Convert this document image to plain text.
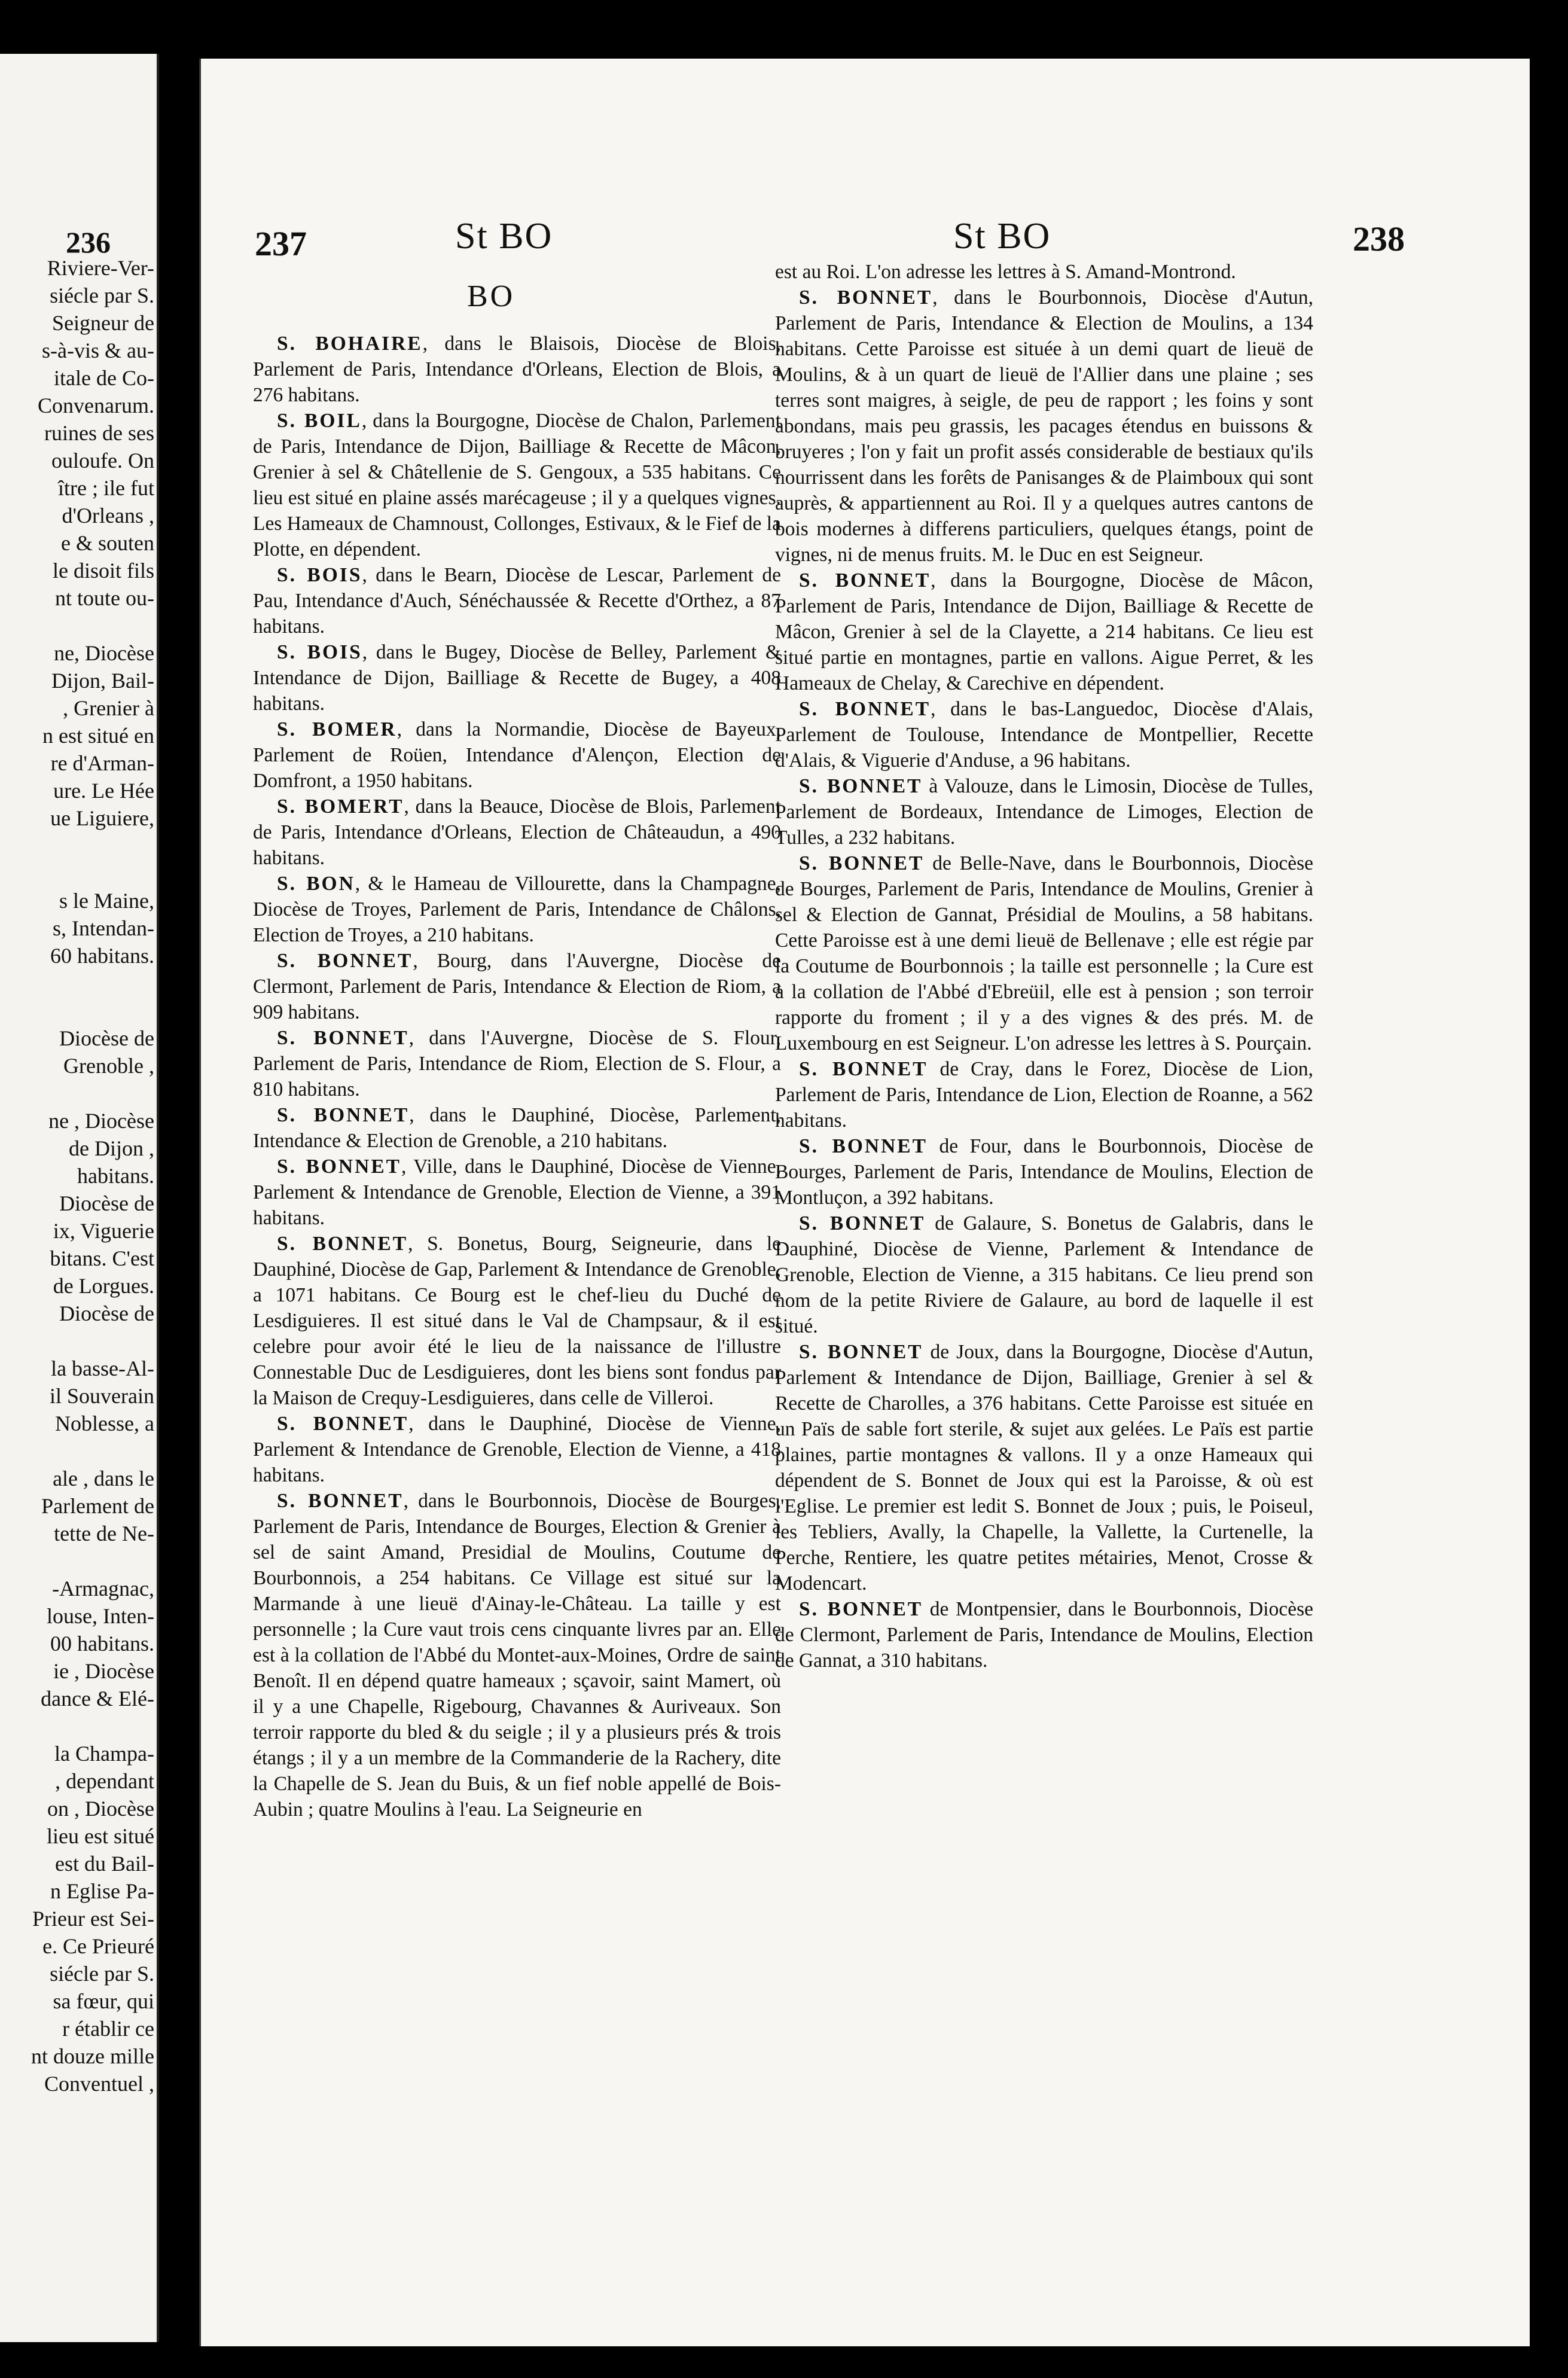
236
Riviere-Ver-
siécle par S.
Seigneur de
s-à-vis & au-
itale de Co-
Convenarum.
ruines de ses
ouloufe. On
ître ; ile fut
d'Orleans ,
e & souten
le disoit fils
nt toute ou-
ne, Diocèse
Dijon, Bail-
, Grenier à
n est situé en
re d'Arman-
ure. Le Hée
ue Liguiere,
s le Maine,
s, Intendan-
60 habitans.
Diocèse de
Grenoble ,
ne , Diocèse
de Dijon ,
habitans.
Diocèse de
ix, Viguerie
bitans. C'est
de Lorgues.
Diocèse de
la basse-Al-
il Souverain
Noblesse, a
ale , dans le
Parlement de
tette de Ne-
-Armagnac,
louse, Inten-
00 habitans.
ie , Diocèse
dance & Elé-
la Champa-
, dependant
on , Diocèse
lieu est situé
est du Bail-
n Eglise Pa-
Prieur est Sei-
e. Ce Prieuré
siécle par S.
sa fœur, qui
r établir ce
nt douze mille
Conventuel ,
237	St BO	St BO	238
BO

S. BOHAIRE, dans le Blaisois, Diocèse de Blois, Parlement de Paris, Intendance d'Orleans, Election de Blois, a 276 habitans.

S. BOIL, dans la Bourgogne, Diocèse de Chalon, Parlement de Paris, Intendance de Dijon, Bailliage & Recette de Mâcon, Grenier à sel & Châtellenie de S. Gengoux, a 535 habitans. Ce lieu est situé en plaine assés marécageuse ; il y a quelques vignes. Les Hameaux de Chamnoust, Collonges, Estivaux, & le Fief de la Plotte, en dépendent.

S. BOIS, dans le Bearn, Diocèse de Lescar, Parlement de Pau, Intendance d'Auch, Sénéchaussée & Recette d'Orthez, a 87 habitans.

S. BOIS, dans le Bugey, Diocèse de Belley, Parlement & Intendance de Dijon, Bailliage & Recette de Bugey, a 408 habitans.

S. BOMER, dans la Normandie, Diocèse de Bayeux, Parlement de Roüen, Intendance d'Alençon, Election de Domfront, a 1950 habitans.

S. BOMERT, dans la Beauce, Diocèse de Blois, Parlement de Paris, Intendance d'Orleans, Election de Châteaudun, a 490 habitans.

S. BON, & le Hameau de Villourette, dans la Champagne, Diocèse de Troyes, Parlement de Paris, Intendance de Châlons, Election de Troyes, a 210 habitans.

S. BONNET, Bourg, dans l'Auvergne, Diocèse de Clermont, Parlement de Paris, Intendance & Election de Riom, a 909 habitans.

S. BONNET, dans l'Auvergne, Diocèse de S. Flour, Parlement de Paris, Intendance de Riom, Election de S. Flour, a 810 habitans.

S. BONNET, dans le Dauphiné, Diocèse, Parlement, Intendance & Election de Grenoble, a 210 habitans.

S. BONNET, Ville, dans le Dauphiné, Diocèse de Vienne, Parlement & Intendance de Grenoble, Election de Vienne, a 391 habitans.

S. BONNET, S. Bonetus, Bourg, Seigneurie, dans le Dauphiné, Diocèse de Gap, Parlement & Intendance de Grenoble, a 1071 habitans. Ce Bourg est le chef-lieu du Duché de Lesdiguieres. Il est situé dans le Val de Champsaur, & il est celebre pour avoir été le lieu de la naissance de l'illustre Connestable Duc de Lesdiguieres, dont les biens sont fondus par la Maison de Crequy-Lesdiguieres, dans celle de Villeroi.

S. BONNET, dans le Dauphiné, Diocèse de Vienne, Parlement & Intendance de Grenoble, Election de Vienne, a 418 habitans.

S. BONNET, dans le Bourbonnois, Diocèse de Bourges, Parlement de Paris, Intendance de Bourges, Election & Grenier à sel de saint Amand, Presidial de Moulins, Coutume de Bourbonnois, a 254 habitans. Ce Village est situé sur la Marmande à une lieuë d'Ainay-le-Château. La taille y est personnelle ; la Cure vaut trois cens cinquante livres par an. Elle est à la collation de l'Abbé du Montet-aux-Moines, Ordre de saint Benoît. Il en dépend quatre hameaux ; sçavoir, saint Mamert, où il y a une Chapelle, Rigebourg, Chavannes & Auriveaux. Son terroir rapporte du bled & du seigle ; il y a plusieurs prés & trois étangs ; il y a un membre de la Commanderie de la Rachery, dite la Chapelle de S. Jean du Buis, & un fief noble appellé de Bois-Aubin ; quatre Moulins à l'eau. La Seigneurie en

est au Roi. L'on adresse les lettres à S. Amand-Montrond.

S. BONNET, dans le Bourbonnois, Diocèse d'Autun, Parlement de Paris, Intendance & Election de Moulins, a 134 habitans. Cette Paroisse est située à un demi quart de lieuë de Moulins, & à un quart de lieuë de l'Allier dans une plaine ; ses terres sont maigres, à seigle, de peu de rapport ; les foins y sont abondans, mais peu grassis, les pacages étendus en buissons & bruyeres ; l'on y fait un profit assés considerable de bestiaux qu'ils nourrissent dans les forêts de Panisanges & de Plaimboux qui sont auprès, & appartiennent au Roi. Il y a quelques autres cantons de bois modernes à differens particuliers, quelques étangs, point de vignes, ni de menus fruits. M. le Duc en est Seigneur.

S. BONNET, dans la Bourgogne, Diocèse de Mâcon, Parlement de Paris, Intendance de Dijon, Bailliage & Recette de Mâcon, Grenier à sel de la Clayette, a 214 habitans. Ce lieu est situé partie en montagnes, partie en vallons. Aigue Perret, & les Hameaux de Chelay, & Carechive en dépendent.

S. BONNET, dans le bas-Languedoc, Diocèse d'Alais, Parlement de Toulouse, Intendance de Montpellier, Recette d'Alais, & Viguerie d'Anduse, a 96 habitans.

S. BONNET à Valouze, dans le Limosin, Diocèse de Tulles, Parlement de Bordeaux, Intendance de Limoges, Election de Tulles, a 232 habitans.

S. BONNET de Belle-Nave, dans le Bourbonnois, Diocèse de Bourges, Parlement de Paris, Intendance de Moulins, Grenier à sel & Election de Gannat, Présidial de Moulins, a 58 habitans. Cette Paroisse est à une demi lieuë de Bellenave ; elle est régie par la Coutume de Bourbonnois ; la taille est personnelle ; la Cure est à la collation de l'Abbé d'Ebreüil, elle est à pension ; son terroir rapporte du froment ; il y a des vignes & des prés. M. de Luxembourg en est Seigneur. L'on adresse les lettres à S. Pourçain.

S. BONNET de Cray, dans le Forez, Diocèse de Lion, Parlement de Paris, Intendance de Lion, Election de Roanne, a 562 habitans.

S. BONNET de Four, dans le Bourbonnois, Diocèse de Bourges, Parlement de Paris, Intendance de Moulins, Election de Montluçon, a 392 habitans.

S. BONNET de Galaure, S. Bonetus de Galabris, dans le Dauphiné, Diocèse de Vienne, Parlement & Intendance de Grenoble, Election de Vienne, a 315 habitans. Ce lieu prend son nom de la petite Riviere de Galaure, au bord de laquelle il est situé.

S. BONNET de Joux, dans la Bourgogne, Diocèse d'Autun, Parlement & Intendance de Dijon, Bailliage, Grenier à sel & Recette de Charolles, a 376 habitans. Cette Paroisse est située en un Païs de sable fort sterile, & sujet aux gelées. Le Païs est partie plaines, partie montagnes & vallons. Il y a onze Hameaux qui dépendent de S. Bonnet de Joux qui est la Paroisse, & où est l'Eglise. Le premier est ledit S. Bonnet de Joux ; puis, le Poiseul, les Tebliers, Avally, la Chapelle, la Vallette, la Curtenelle, la Perche, Rentiere, les quatre petites métairies, Menot, Crosse & Modencart.

S. BONNET de Montpensier, dans le Bourbonnois, Diocèse de Clermont, Parlement de Paris, Intendance de Moulins, Election de Gannat, a 310 habitans.
